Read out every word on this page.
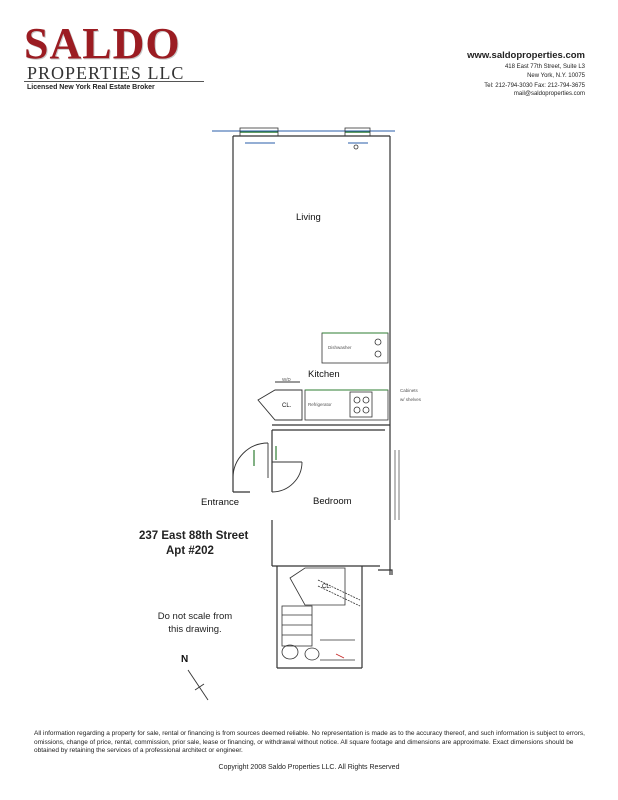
SALDO
PROPERTIES LLC
Licensed New York Real Estate Broker
www.saldoproperties.com
418 East 77th Street, Suite L3
New York, N.Y. 10075
Tel: 212-794-3030 Fax: 212-794-3675
mail@saldoproperties.com
Living
Kitchen
Bedroom
Entrance
CL.
CL.
Dishwasher
Refrigerator
W/D
Cabinets
w/ shelves
237 East 88th Street
Apt #202
Do not scale from
this drawing.
N
All information regarding a property for sale, rental or financing is from sources deemed reliable. No representation is made as to the accuracy thereof, and such information is subject to errors, omissions, change of price, rental, commission, prior sale, lease or financing, or withdrawal without notice. All square footage and dimensions are approximate. Exact dimensions should be obtained by retaining the services of a professional architect or engineer.
Copyright 2008 Saldo Properties LLC. All Rights Reserved
